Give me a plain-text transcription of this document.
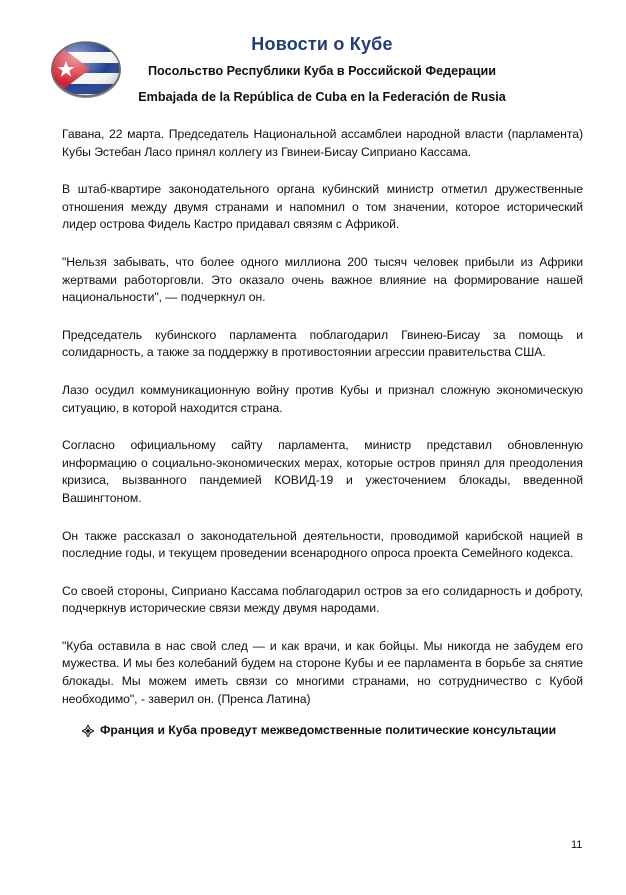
Новости о Кубе
Посольство Республики Куба в Российской Федерации
Embajada de la República de Cuba en la Federación de Rusia

Гавана, 22 марта. Председатель Национальной ассамблеи народной власти (парламента) Кубы Эстебан Ласо принял коллегу из Гвинеи-Бисау Сиприано Кассама.

В штаб-квартире законодательного органа кубинский министр отметил дружественные отношения между двумя странами и напомнил о том значении, которое исторический лидер острова Фидель Кастро придавал связям с Африкой.

"Нельзя забывать, что более одного миллиона 200 тысяч человек прибыли из Африки жертвами работорговли. Это оказало очень важное влияние на формирование нашей национальности", — подчеркнул он.

Председатель кубинского парламента поблагодарил Гвинею-Бисау за помощь и солидарность, а также за поддержку в противостоянии агрессии правительства США.

Лазо осудил коммуникационную войну против Кубы и признал сложную экономическую ситуацию, в которой находится страна.

Согласно официальному сайту парламента, министр представил обновленную информацию о социально-экономических мерах, которые остров принял для преодоления кризиса, вызванного пандемией КОВИД-19 и ужесточением блокады, введенной Вашингтоном.

Он также рассказал о законодательной деятельности, проводимой карибской нацией в последние годы, и текущем проведении всенародного опроса проекта Семейного кодекса.

Со своей стороны, Сиприано Кассама поблагодарил остров за его солидарность и доброту, подчеркнув исторические связи между двумя народами.

"Куба оставила в нас свой след — и как врачи, и как бойцы. Мы никогда не забудем его мужества. И мы без колебаний будем на стороне Кубы и ее парламента в борьбе за снятие блокады. Мы можем иметь связи со многими странами, но сотрудничество с Кубой необходимо", - заверил он. (Пренса Латина)

Франция и Куба проведут межведомственные политические консультации
11
